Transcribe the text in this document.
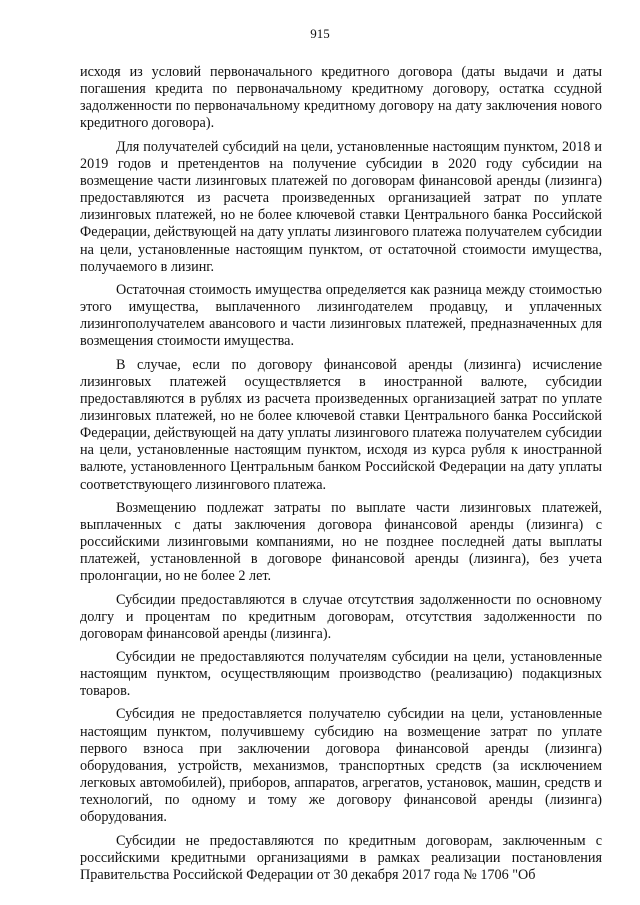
915

исходя из условий первоначального кредитного договора (даты выдачи и даты погашения кредита по первоначальному кредитному договору, остатка ссудной задолженности по первоначальному кредитному договору на дату заключения нового кредитного договора).

Для получателей субсидий на цели, установленные настоящим пунктом, 2018 и 2019 годов и претендентов на получение субсидии в 2020 году субсидии на возмещение части лизинговых платежей по договорам финансовой аренды (лизинга) предоставляются из расчета произведенных организацией затрат по уплате лизинговых платежей, но не более ключевой ставки Центрального банка Российской Федерации, действующей на дату уплаты лизингового платежа получателем субсидии на цели, установленные настоящим пунктом, от остаточной стоимости имущества, получаемого в лизинг.

Остаточная стоимость имущества определяется как разница между стоимостью этого имущества, выплаченного лизингодателем продавцу, и уплаченных лизингополучателем авансового и части лизинговых платежей, предназначенных для возмещения стоимости имущества.

В случае, если по договору финансовой аренды (лизинга) исчисление лизинговых платежей осуществляется в иностранной валюте, субсидии предоставляются в рублях из расчета произведенных организацией затрат по уплате лизинговых платежей, но не более ключевой ставки Центрального банка Российской Федерации, действующей на дату уплаты лизингового платежа получателем субсидии на цели, установленные настоящим пунктом, исходя из курса рубля к иностранной валюте, установленного Центральным банком Российской Федерации на дату уплаты соответствующего лизингового платежа.

Возмещению подлежат затраты по выплате части лизинговых платежей, выплаченных с даты заключения договора финансовой аренды (лизинга) с российскими лизинговыми компаниями, но не позднее последней даты выплаты платежей, установленной в договоре финансовой аренды (лизинга), без учета пролонгации, но не более 2 лет.

Субсидии предоставляются в случае отсутствия задолженности по основному долгу и процентам по кредитным договорам, отсутствия задолженности по договорам финансовой аренды (лизинга).

Субсидии не предоставляются получателям субсидии на цели, установленные настоящим пунктом, осуществляющим производство (реализацию) подакцизных товаров.

Субсидия не предоставляется получателю субсидии на цели, установленные настоящим пунктом, получившему субсидию на возмещение затрат по уплате первого взноса при заключении договора финансовой аренды (лизинга) оборудования, устройств, механизмов, транспортных средств (за исключением легковых автомобилей), приборов, аппаратов, агрегатов, установок, машин, средств и технологий, по одному и тому же договору финансовой аренды (лизинга) оборудования.

Субсидии не предоставляются по кредитным договорам, заключенным с российскими кредитными организациями в рамках реализации постановления Правительства Российской Федерации от 30 декабря 2017 года № 1706 "Об
